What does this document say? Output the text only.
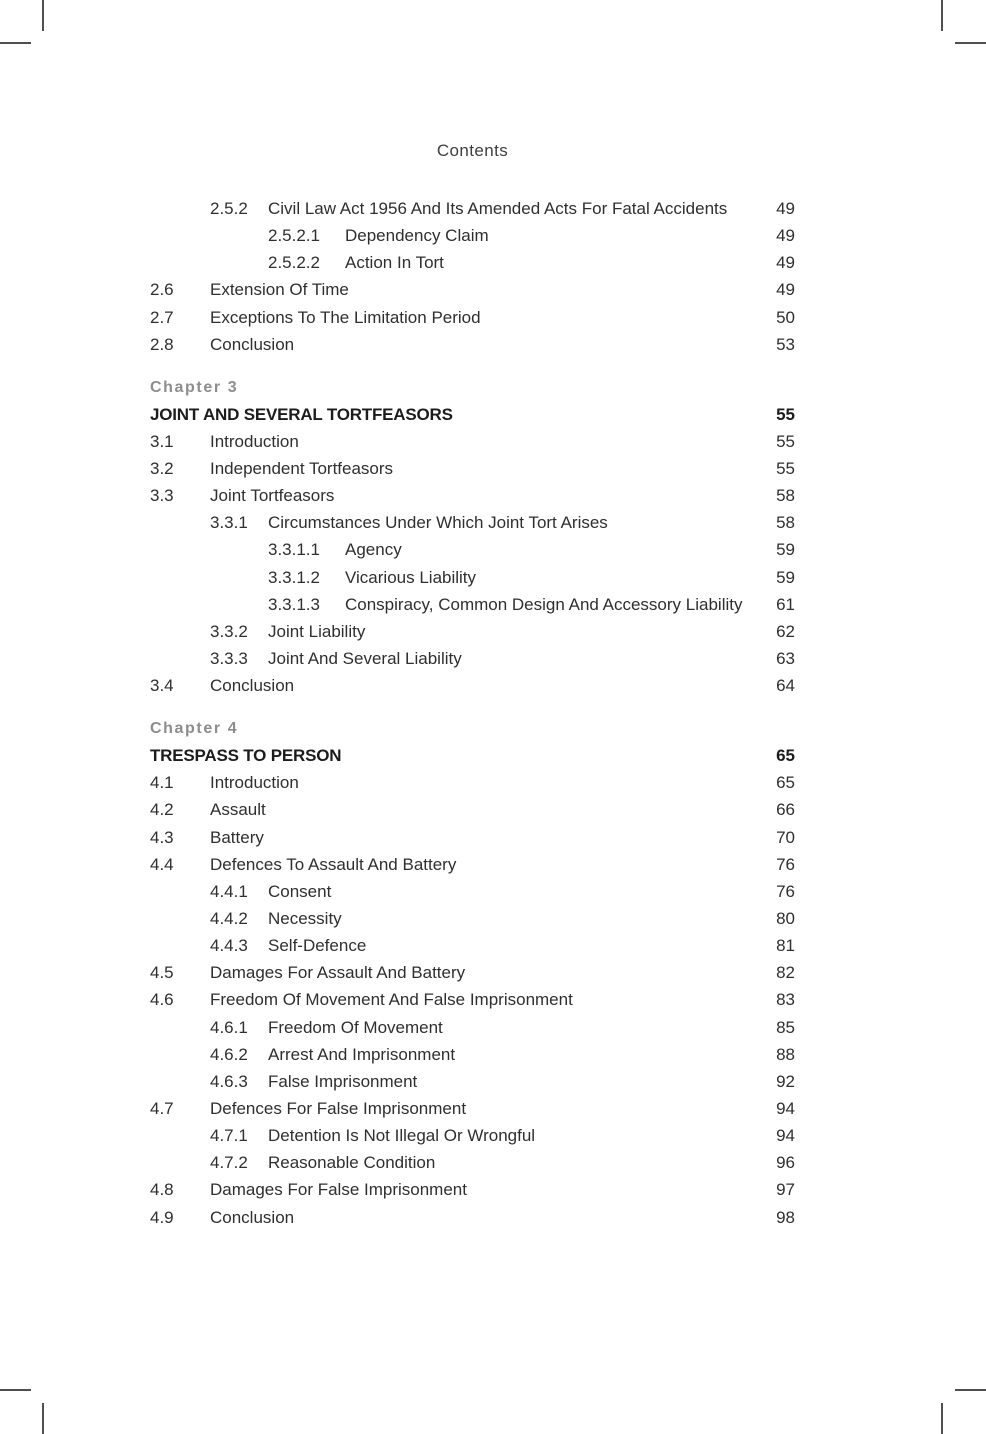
Contents
2.5.2 Civil Law Act 1956 And Its Amended Acts For Fatal Accidents	49
2.5.2.1 Dependency Claim	49
2.5.2.2 Action In Tort	49
2.6 Extension Of Time	49
2.7 Exceptions To The Limitation Period	50
2.8 Conclusion	53
Chapter 3
JOINT AND SEVERAL TORTFEASORS	55
3.1 Introduction	55
3.2 Independent Tortfeasors	55
3.3 Joint Tortfeasors	58
3.3.1 Circumstances Under Which Joint Tort Arises	58
3.3.1.1 Agency	59
3.3.1.2 Vicarious Liability	59
3.3.1.3 Conspiracy, Common Design And Accessory Liability 61
3.3.2 Joint Liability	62
3.3.3 Joint And Several Liability	63
3.4 Conclusion	64
Chapter 4
TRESPASS TO PERSON	65
4.1 Introduction	65
4.2 Assault	66
4.3 Battery	70
4.4 Defences To Assault And Battery	76
4.4.1 Consent	76
4.4.2 Necessity	80
4.4.3 Self-Defence	81
4.5 Damages For Assault And Battery	82
4.6 Freedom Of Movement And False Imprisonment	83
4.6.1 Freedom Of Movement	85
4.6.2 Arrest And Imprisonment	88
4.6.3 False Imprisonment	92
4.7 Defences For False Imprisonment	94
4.7.1 Detention Is Not Illegal Or Wrongful	94
4.7.2 Reasonable Condition	96
4.8 Damages For False Imprisonment	97
4.9 Conclusion	98
